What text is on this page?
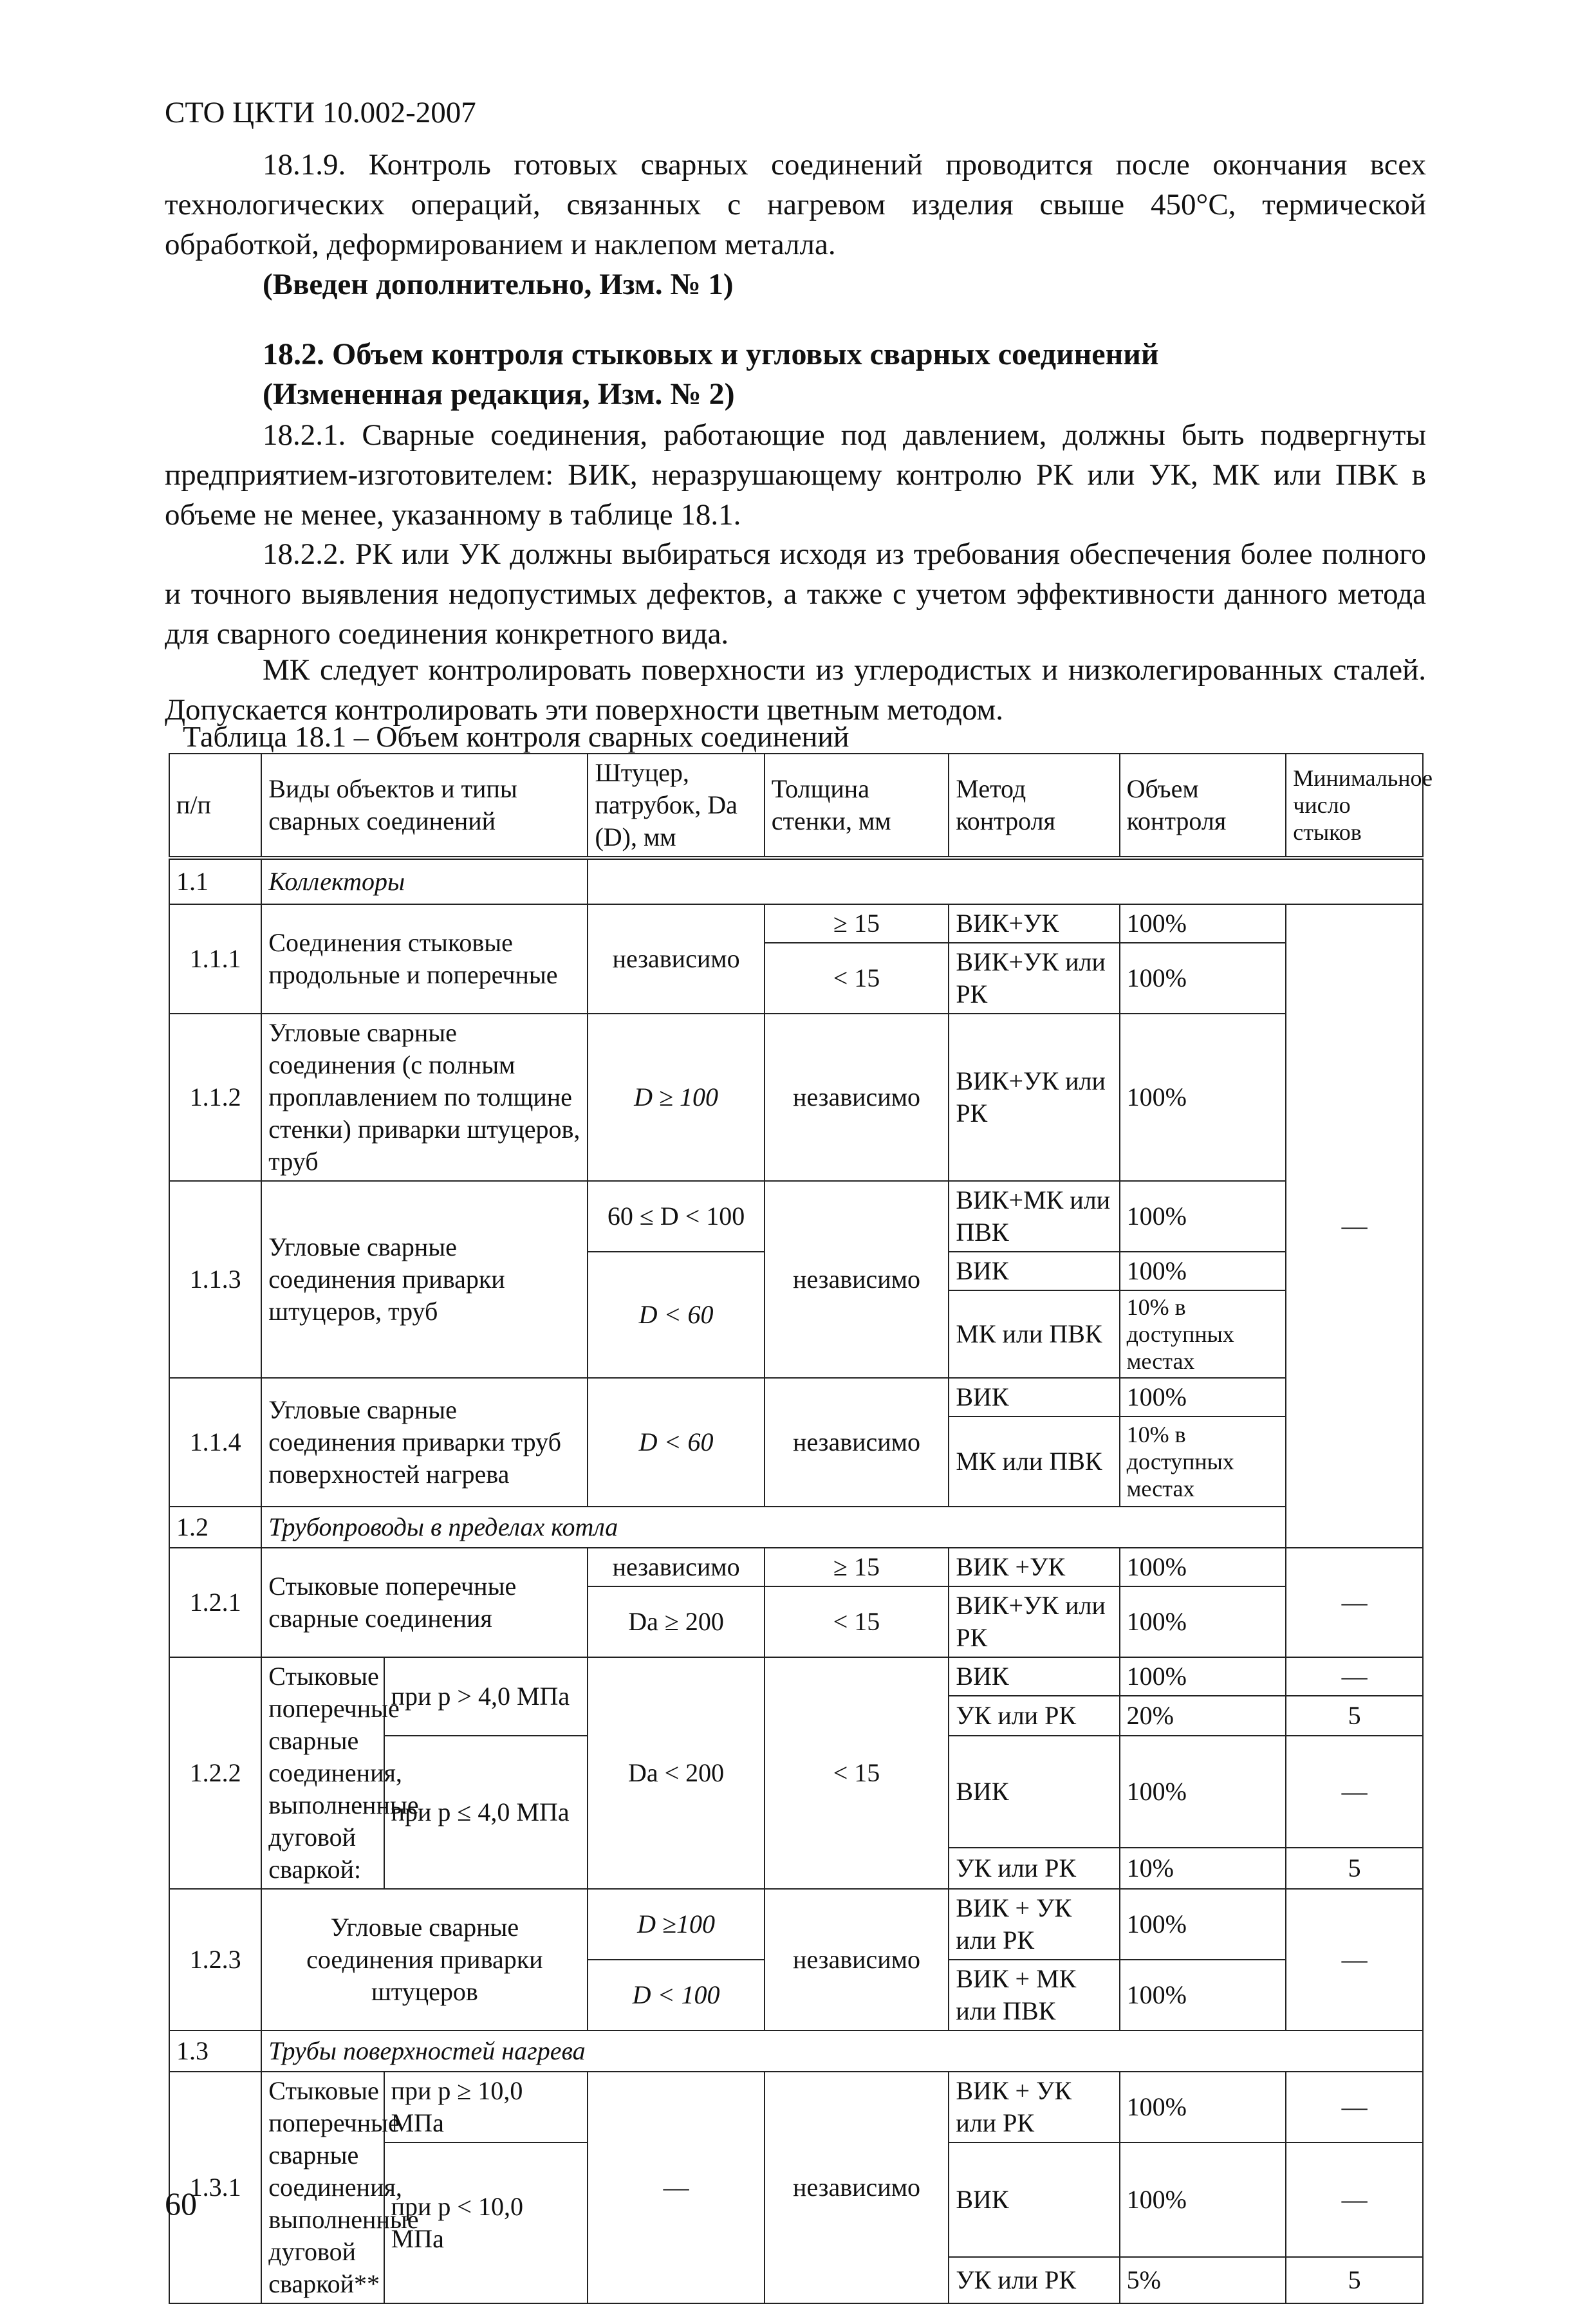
СТО ЦКТИ 10.002-2007
18.1.9. Контроль готовых сварных соединений проводится после окончания всех технологических операций, связанных с нагревом изделия свыше 450°С, термической обработкой, деформированием и наклепом металла.
(Введен дополнительно, Изм. № 1)
18.2. Объем контроля стыковых и угловых сварных соединений
(Измененная редакция, Изм. № 2)
18.2.1. Сварные соединения, работающие под давлением, должны быть подвергнуты предприятием-изготовителем: ВИК, неразрушающему контролю РК или УК, МК или ПВК в объеме не менее, указанному в таблице 18.1.
18.2.2. РК или УК должны выбираться исходя из требования обеспечения более полного и точного выявления недопустимых дефектов, а также с учетом эффективности данного метода для сварного соединения конкретного вида.
МК следует контролировать поверхности из углеродистых и низколегированных сталей. Допускается контролировать эти поверхности цветным методом.
Таблица 18.1 – Объем контроля сварных соединений
п/п	Виды объектов и типы сварных соединений		Штуцер, патрубок, Da (D), мм	Толщина стенки, мм	Метод контроля	Объем контроля	Минимальное число стыков
1.1	Коллекторы						
1.1.1	Соединения стыковые продольные и поперечные		независимо	≥ 15	ВИК+УК	100%	—
				< 15	ВИК+УК или РК	100%	
1.1.2	Угловые сварные соединения (с полным проплавлением по толщине стенки) приварки штуцеров, труб		D ≥ 100	независимо	ВИК+УК или РК	100%	
1.1.3	Угловые сварные соединения приварки штуцеров, труб		60 ≤ D < 100	независимо	ВИК+МК или ПВК	100%	
			D < 60		ВИК	100%	
					МК или ПВК	10% в доступных местах	
1.1.4	Угловые сварные соединения приварки труб поверхностей нагрева		D < 60	независимо	ВИК	100%	
					МК или ПВК	10% в доступных местах	
1.2	Трубопроводы в пределах котла						
1.2.1	Стыковые поперечные сварные соединения		независимо	≥ 15	ВИК +УК	100%	—
			Da ≥ 200	< 15	ВИК+УК или РК	100%	
1.2.2	Стыковые поперечные сварные соединения, выполненные дуговой сваркой:	при р > 4,0 МПа	Da < 200	< 15	ВИК	100%	—
					УК или РК	20%	5
		при р ≤ 4,0 МПа			ВИК	100%	—
					УК или РК	10%	5
1.2.3	Угловые сварные соединения приварки штуцеров		D ≥100	независимо	ВИК + УК или РК	100%	—
			D < 100		ВИК + МК или ПВК	100%	
1.3	Трубы поверхностей нагрева						
1.3.1	Стыковые поперечные сварные соединения, выполненные дуговой сваркой**	при р ≥ 10,0 МПа	—	независимо	ВИК + УК или РК	100%	—
		при р < 10,0 МПа			ВИК	100%	—
					УК или РК	5%	5
60
